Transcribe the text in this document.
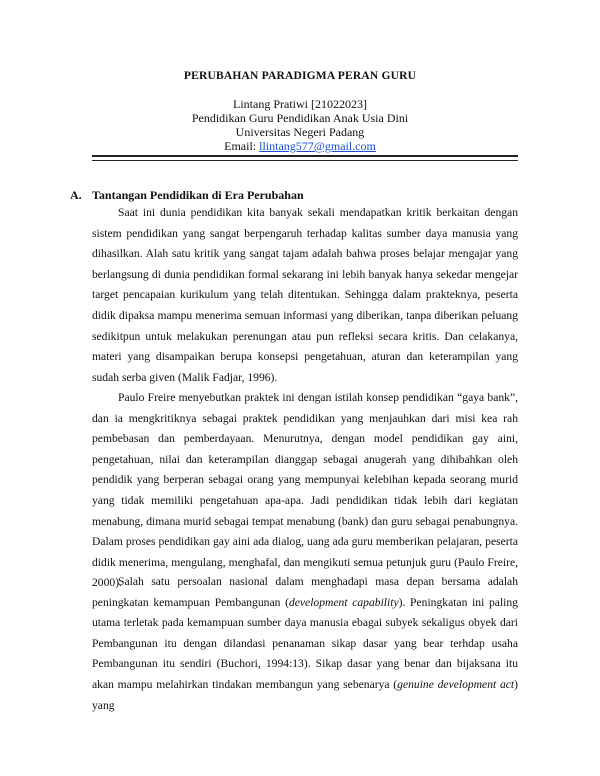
PERUBAHAN PARADIGMA PERAN GURU
Lintang Pratiwi [21022023]
Pendidikan Guru Pendidikan Anak Usia Dini
Universitas Negeri Padang
Email: llintang577@gmail.com
A. Tantangan Pendidikan di Era Perubahan

Saat ini dunia pendidikan kita banyak sekali mendapatkan kritik berkaitan dengan sistem pendidikan yang sangat berpengaruh terhadap kalitas sumber daya manusia yang dihasilkan. Alah satu kritik yang sangat tajam adalah bahwa proses belajar mengajar yang berlangsung di dunia pendidikan formal sekarang ini lebih banyak hanya sekedar mengejar target pencapaian kurikulum yang telah ditentukan. Sehingga dalam prakteknya, peserta didik dipaksa mampu menerima semuan informasi yang diberikan, tanpa diberikan peluang sedikitpun untuk melakukan perenungan atau pun refleksi secara kritis. Dan celakanya, materi yang disampaikan berupa konsepsi pengetahuan, aturan dan keterampilan yang sudah serba given (Malik Fadjar, 1996).

Paulo Freire menyebutkan praktek ini dengan istilah konsep pendidikan “gaya bank”, dan ia mengkritiknya sebagai praktek pendidikan yang menjauhkan dari misi kea rah pembebasan dan pemberdayaan. Menurutnya, dengan model pendidikan gay aini, pengetahuan, nilai dan keterampilan dianggap sebagai anugerah yang dihibahkan oleh pendidik yang berperan sebagai orang yang mempunyai kelebihan kepada seorang murid yang tidak memiliki pengetahuan apa-apa. Jadi pendidikan tidak lebih dari kegiatan menabung, dimana murid sebagai tempat menabung (bank) dan guru sebagai penabungnya. Dalam proses pendidikan gay aini ada dialog, uang ada guru memberikan pelajaran, peserta didik menerima, mengulang, menghafal, dan mengikuti semua petunjuk guru (Paulo Freire, 2000).

Salah satu persoalan nasional dalam menghadapi masa depan bersama adalah peningkatan kemampuan Pembangunan (development capability). Peningkatan ini paling utama terletak pada kemampuan sumber daya manusia ebagai subyek sekaligus obyek dari Pembangunan itu dengan dilandasi penanaman sikap dasar yang bear terhdap usaha Pembangunan itu sendiri (Buchori, 1994:13). Sikap dasar yang benar dan bijaksana itu akan mampu melahirkan tindakan membangun yang sebenarya (genuine development act) yang
